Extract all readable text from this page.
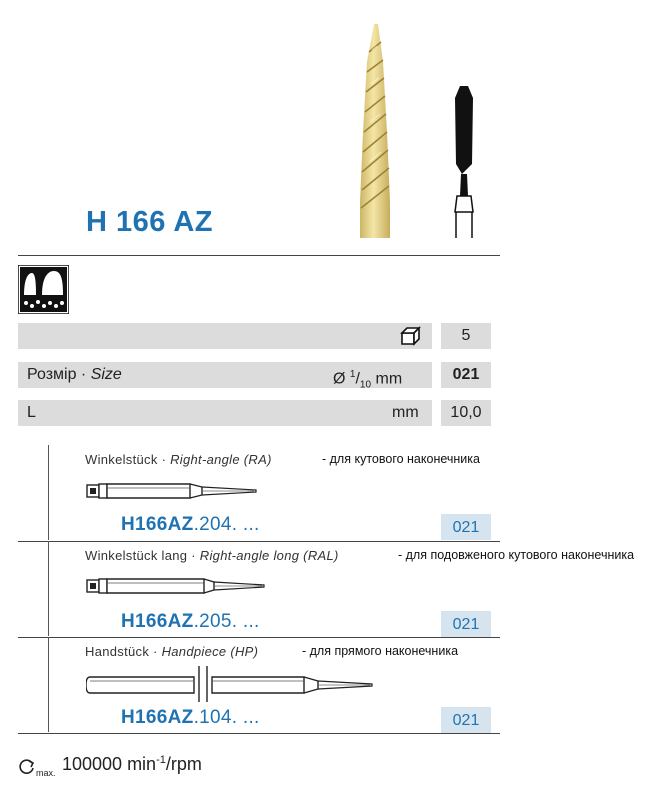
H 166 AZ
5
Розмір · Size	Ø $^1/_{10}$ mm	021
L	mm	10,0
Winkelstück · Right-angle (RA)	- для кутового наконечника
H166AZ.204. ...	021
Winkelstück lang · Right-angle long (RAL)	- для подовженого кутового наконечника
H166AZ.205. ...	021
Handstück · Handpiece (HP)	- для прямого наконечника
H166AZ.104. ...	021
max. 100000 $\min^{-1}$/rpm
